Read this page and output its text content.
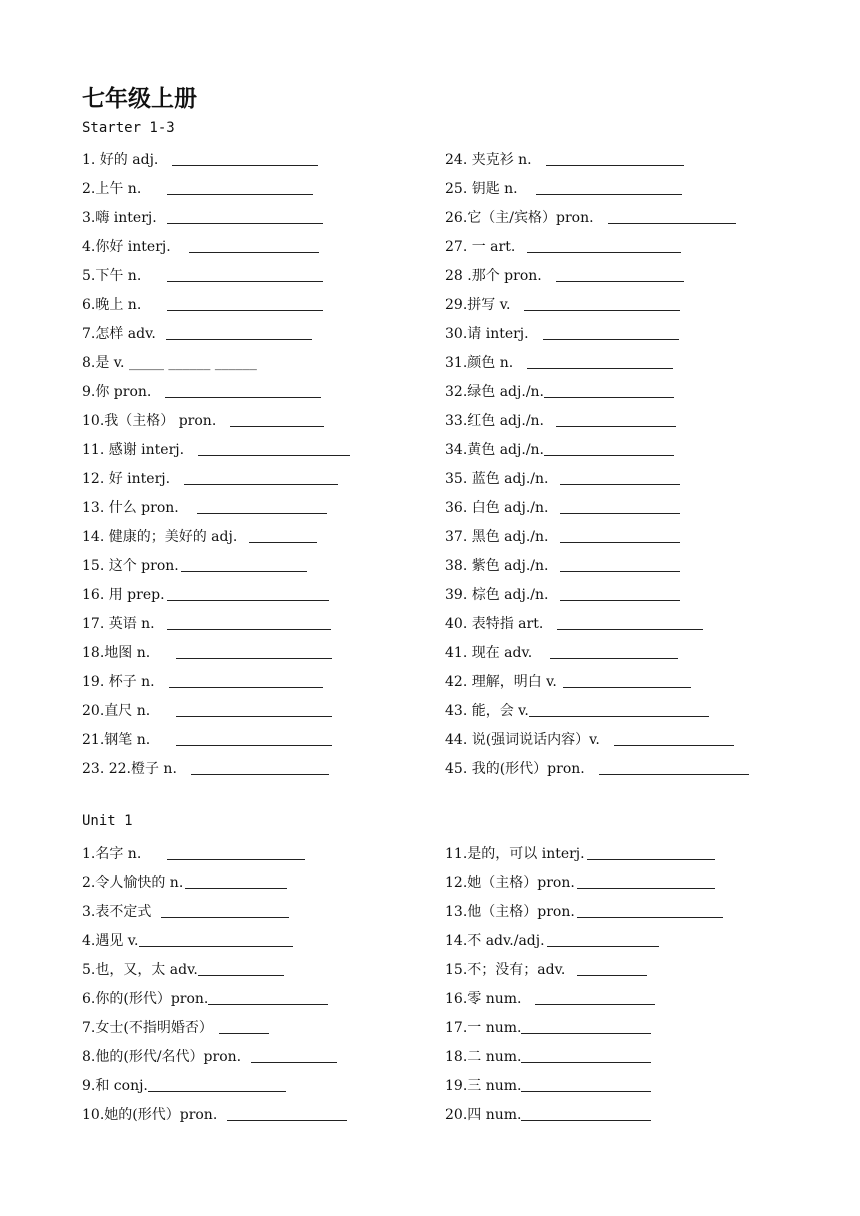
七年级上册
Starter 1-3
1. 好的 adj.
2.上午 n.
3.嗨 interj.
4.你好 interj.
5.下午 n.
6.晚上 n.
7.怎样 adv.
8.是 v. _____ ______ ______
9.你 pron.
10.我（主格） pron.
11. 感谢 interj.
12. 好 interj.
13. 什么 pron.
14. 健康的；美好的 adj.
15. 这个 pron.
16. 用 prep.
17. 英语 n.
18.地图 n.
19. 杯子 n.
20.直尺 n.
21.钢笔 n.
23. 22.橙子 n.
24. 夹克衫 n.
25. 钥匙 n.
26.它（主/宾格）pron.
27. 一 art.
28 .那个 pron.
29.拼写 v.
30.请 interj.
31.颜色 n.
32.绿色 adj./n.
33.红色 adj./n.
34.黄色 adj./n.
35. 蓝色 adj./n.
36. 白色 adj./n.
37. 黑色 adj./n.
38. 紫色 adj./n.
39. 棕色 adj./n.
40. 表特指 art.
41. 现在 adv.
42. 理解，明白 v.
43. 能，会 v.
44. 说(强词说话内容）v.
45. 我的(形代）pron.
Unit 1
1.名字 n.
2.令人愉快的 n.
3.表不定式
4.遇见 v.
5.也，又，太 adv.
6.你的(形代）pron.
7.女士(不指明婚否）
8.他的(形代/名代）pron.
9.和 conj.
10.她的(形代）pron.
11.是的，可以 interj.
12.她（主格）pron.
13.他（主格）pron.
14.不 adv./adj.
15.不；没有；adv.
16.零 num.
17.一 num.
18.二 num.
19.三 num.
20.四 num.
